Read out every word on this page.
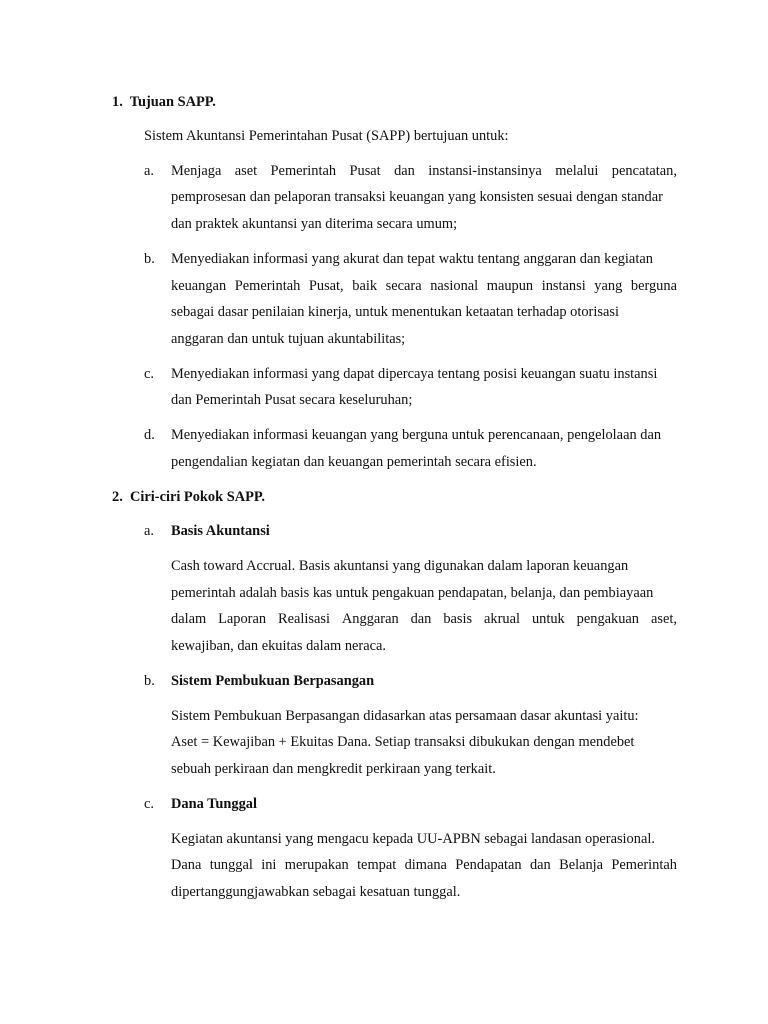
1. Tujuan SAPP.
Sistem Akuntansi Pemerintahan Pusat (SAPP) bertujuan untuk:
a. Menjaga aset Pemerintah Pusat dan instansi-instansinya melalui pencatatan,
pemprosesan dan pelaporan transaksi keuangan yang konsisten sesuai dengan standar
dan praktek akuntansi yan diterima secara umum;
b. Menyediakan informasi yang akurat dan tepat waktu tentang anggaran dan kegiatan
keuangan Pemerintah Pusat, baik secara nasional maupun instansi yang berguna
sebagai dasar penilaian kinerja, untuk menentukan ketaatan terhadap otorisasi
anggaran dan untuk tujuan akuntabilitas;
c. Menyediakan informasi yang dapat dipercaya tentang posisi keuangan suatu instansi
dan Pemerintah Pusat secara keseluruhan;
d. Menyediakan informasi keuangan yang berguna untuk perencanaan, pengelolaan dan
pengendalian kegiatan dan keuangan pemerintah secara efisien.
2. Ciri-ciri Pokok SAPP.
a. Basis Akuntansi
Cash toward Accrual. Basis akuntansi yang digunakan dalam laporan keuangan
pemerintah adalah basis kas untuk pengakuan pendapatan, belanja, dan pembiayaan
dalam Laporan Realisasi Anggaran dan basis akrual untuk pengakuan aset,
kewajiban, dan ekuitas dalam neraca.
b. Sistem Pembukuan Berpasangan
Sistem Pembukuan Berpasangan didasarkan atas persamaan dasar akuntasi yaitu:
Aset = Kewajiban + Ekuitas Dana. Setiap transaksi dibukukan dengan mendebet
sebuah perkiraan dan mengkredit perkiraan yang terkait.
c. Dana Tunggal
Kegiatan akuntansi yang mengacu kepada UU-APBN sebagai landasan operasional.
Dana tunggal ini merupakan tempat dimana Pendapatan dan Belanja Pemerintah
dipertanggungjawabkan sebagai kesatuan tunggal.
